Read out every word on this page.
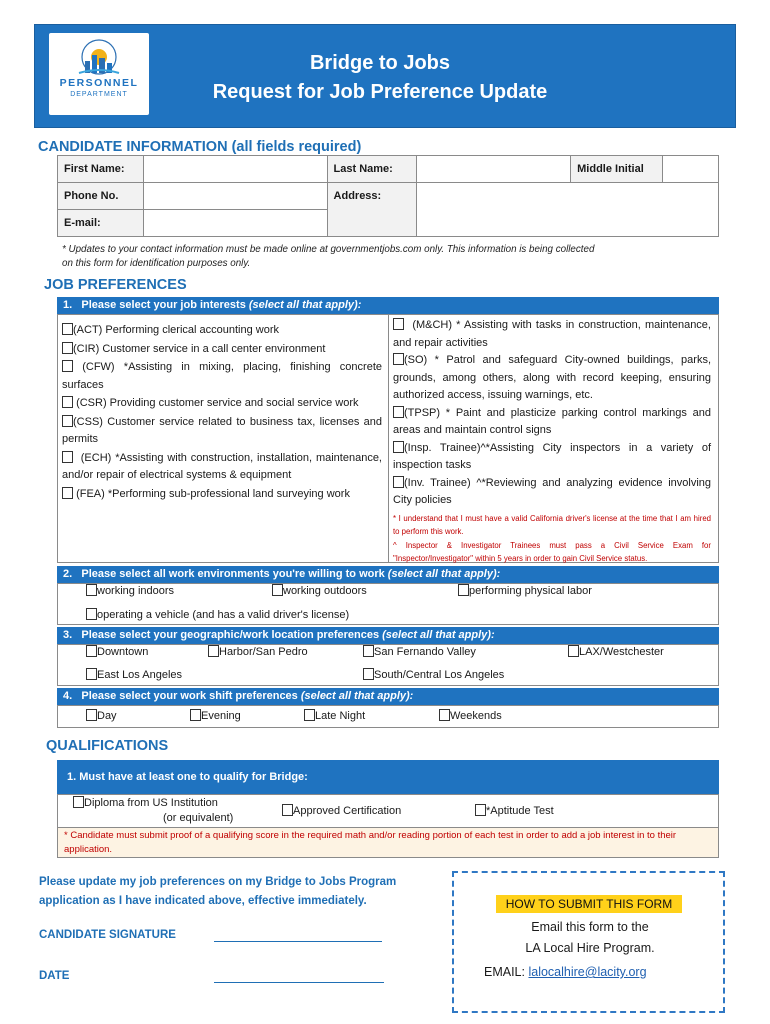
PERSONNEL
DEPARTMENT
Bridge to Jobs
Request for Job Preference Update
CANDIDATE INFORMATION (all fields required)
First Name:		Last Name:		Middle Initial	
Phone No.		Address:			
E-mail:					
* Updates to your contact information must be made online at governmentjobs.com only. This information is being collected
on this form for identification purposes only.
JOB PREFERENCES
1. Please select your job interests (select all that apply):
(ACT) Performing clerical accounting work
(CIR) Customer service in a call center environment
(CFW) *Assisting in mixing, placing, finishing concrete surfaces
(CSR) Providing customer service and social service work
(CSS) Customer service related to business tax, licenses and permits
(ECH) *Assisting with construction, installation, maintenance, and/or repair of electrical systems & equipment
(FEA) *Performing sub-professional land surveying work
(M&CH) * Assisting with tasks in construction, maintenance, and repair activities
(SO) * Patrol and safeguard City-owned buildings, parks, grounds, among others, along with record keeping, ensuring authorized access, issuing warnings, etc.
(TPSP) * Paint and plasticize parking control markings and areas and maintain control signs
(Insp. Trainee)^*Assisting City inspectors in a variety of inspection tasks
(Inv. Trainee) ^*Reviewing and analyzing evidence involving City policies
* I understand that I must have a valid California driver's license at the time that I am hired to perform this work.
^ Inspector & Investigator Trainees must pass a Civil Service Exam for "Inspector/Investigator" within 5 years in order to gain Civil Service status.
2. Please select all work environments you're willing to work (select all that apply):
working indoors	working outdoors	performing physical labor
operating a vehicle (and has a valid driver's license)
3. Please select your geographic/work location preferences (select all that apply):
Downtown	Harbor/San Pedro	San Fernando Valley	LAX/Westchester
East Los Angeles	South/Central Los Angeles
4. Please select your work shift preferences (select all that apply):
Day	Evening	Late Night	Weekends
QUALIFICATIONS
1. Must have at least one to qualify for Bridge:
Diploma from US Institution
(or equivalent)
Approved Certification	*Aptitude Test
* Candidate must submit proof of a qualifying score in the required math and/or reading portion of each test in order to add a job interest in to their application.
Please update my job preferences on my Bridge to Jobs Program
application as I have indicated above, effective immediately.
CANDIDATE SIGNATURE
DATE
HOW TO SUBMIT THIS FORM
Email this form to the
LA Local Hire Program.
EMAIL: lalocalhire@lacity.org
